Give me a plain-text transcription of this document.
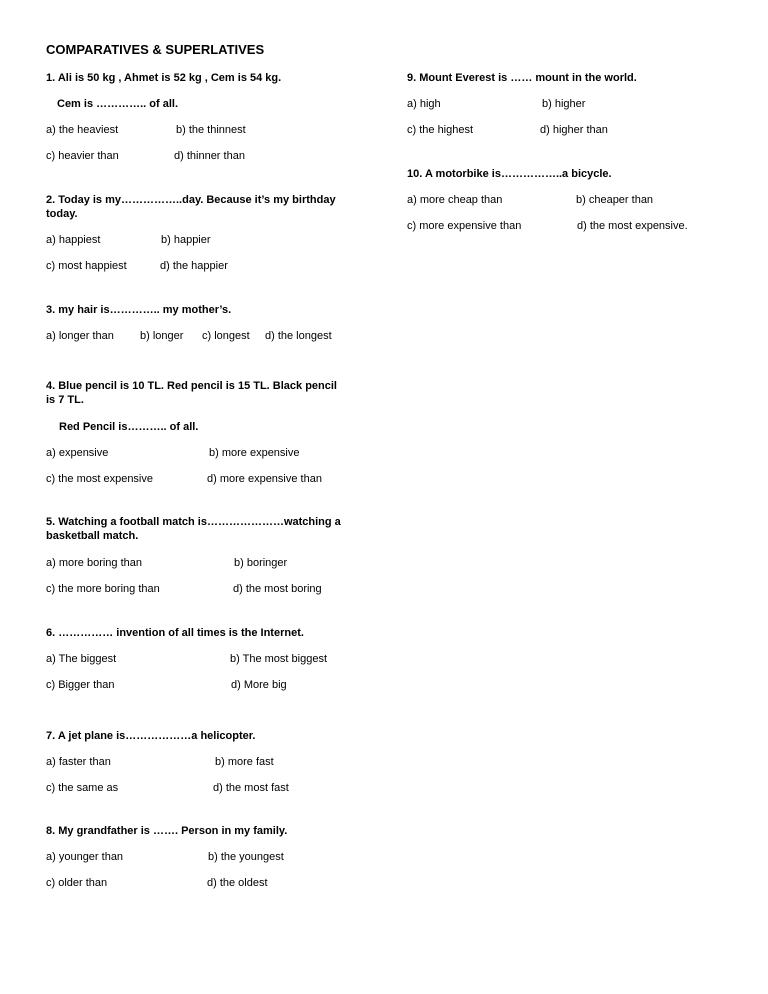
COMPARATIVES & SUPERLATIVES
1. Ali is 50 kg , Ahmet is 52 kg , Cem is 54 kg.
Cem is ………….. of all.
a) the heaviest	b) the thinnest
c) heavier than	d) thinner than
2. Today is my……………..day. Because it’s my birthday
today.
a) happiest	b) happier
c) most happiest	d) the happier
3. my hair is………….. my mother’s.
a) longer than b) longer c) longest d) the longest
4. Blue pencil is 10 TL. Red pencil is 15 TL. Black pencil
is 7 TL.
Red Pencil is……….. of all.
a) expensive	b) more expensive
c) the most expensive	d) more expensive than
5. Watching a football match is…………………watching a
basketball match.
a) more boring than	b) boringer
c) the more boring than	d) the most boring
6. …………… invention of all times is the Internet.
a) The biggest	b) The most biggest
c) Bigger than	d) More big
7. A jet plane is………………a helicopter.
a) faster than	b) more fast
c) the same as	d) the most fast
8. My grandfather is ……. Person in my family.
a) younger than	b) the youngest
c) older than	d) the oldest
9. Mount Everest is …… mount in the world.
a) high	b) higher
c) the highest	d) higher than
10. A motorbike is……………..a bicycle.
a) more cheap than	b) cheaper than
c) more expensive than	d) the most expensive.
